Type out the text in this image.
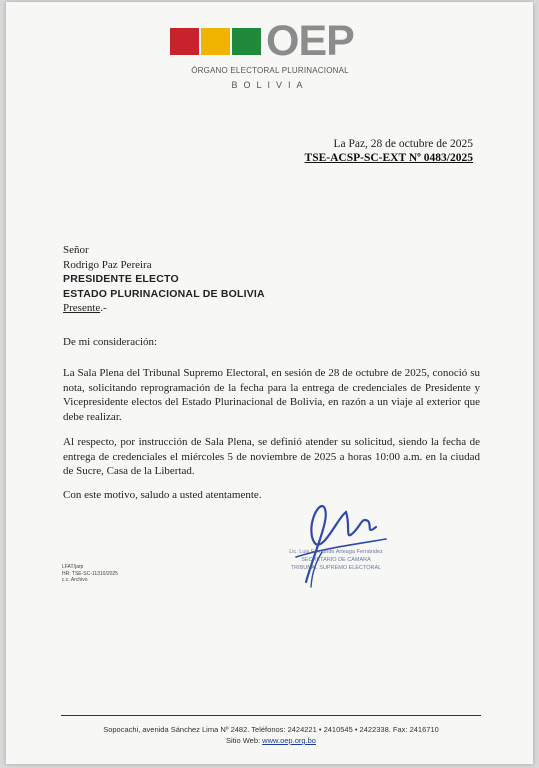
OEP
ÓRGANO ELECTORAL PLURINACIONAL
BOLIVIA
La Paz, 28 de octubre de 2025
TSE-ACSP-SC-EXT Nº 0483/2025
Señor
Rodrigo Paz Pereira
PRESIDENTE ELECTO
ESTADO PLURINACIONAL DE BOLIVIA
Presente.-
De mi consideración:
La Sala Plena del Tribunal Supremo Electoral, en sesión de 28 de octubre de 2025, conoció su nota, solicitando reprogramación de la fecha para la entrega de credenciales de Presidente y Vicepresidente electos del Estado Plurinacional de Bolivia, en razón a un viaje al exterior que debe realizar.
Al respecto, por instrucción de Sala Plena, se definió atender su solicitud, siendo la fecha de entrega de credenciales el miércoles 5 de noviembre de 2025 a horas 10:00 a.m. en la ciudad de Sucre, Casa de la Libertad.
Con este motivo, saludo a usted atentamente.
LFAT/jarp
HR: TSE-SC-11310/2025
c.c. Archivo
Lic. Luis Fernando Arteaga Fernández
SECRETARIO DE CÁMARA
TRIBUNAL SUPREMO ELECTORAL
Sopocachi, avenida Sánchez Lima Nº 2482. Teléfonos: 2424221 • 2410545 • 2422338. Fax: 2416710
Sitio Web: www.oep.org.bo
